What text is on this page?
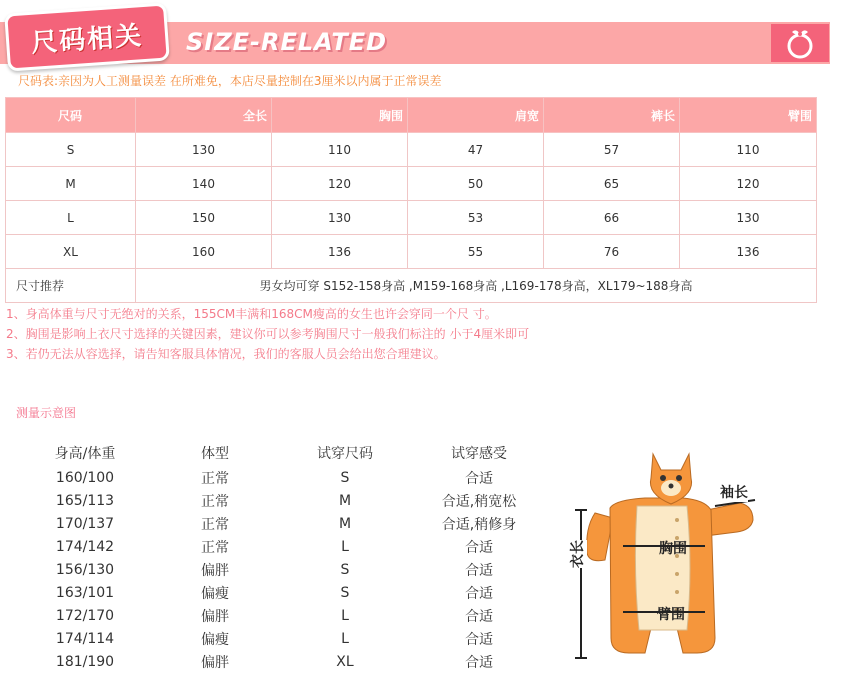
尺码相关 SIZE-RELATED
尺码表:亲因为人工测量误差 在所难免，本店尽量控制在3厘米以内属于正常误差
尺码	全长	胸围	肩宽	裤长	臂围
S	130	110	47	57	110
M	140	120	50	65	120
L	150	130	53	66	130
XL	160	136	55	76	136
尺寸推荐	男女均可穿 S152-158身高 ,M159-168身高 ,L169-178身高，XL179~188身高				
1、身高体重与尺寸无绝对的关系，155CM丰满和168CM瘦高的女生也许会穿同一个尺 寸。
2、胸围是影响上衣尺寸选择的关键因素，建议你可以参考胸围尺寸一般我们标注的 小于4厘米即可
3、若仍无法从容选择，请告知客服具体情况，我们的客服人员会给出您合理建议。
测量示意图
身高/体重	体型	试穿尺码	试穿感受
160/100	正常	S	合适
165/113	正常	M	合适,稍宽松
170/137	正常	M	合适,稍修身
174/142	正常	L	合适
156/130	偏胖	S	合适
163/101	偏瘦	S	合适
172/170	偏胖	L	合适
174/114	偏瘦	L	合适
181/190	偏胖	XL	合适
袖长
胸围
臂围
衣长
